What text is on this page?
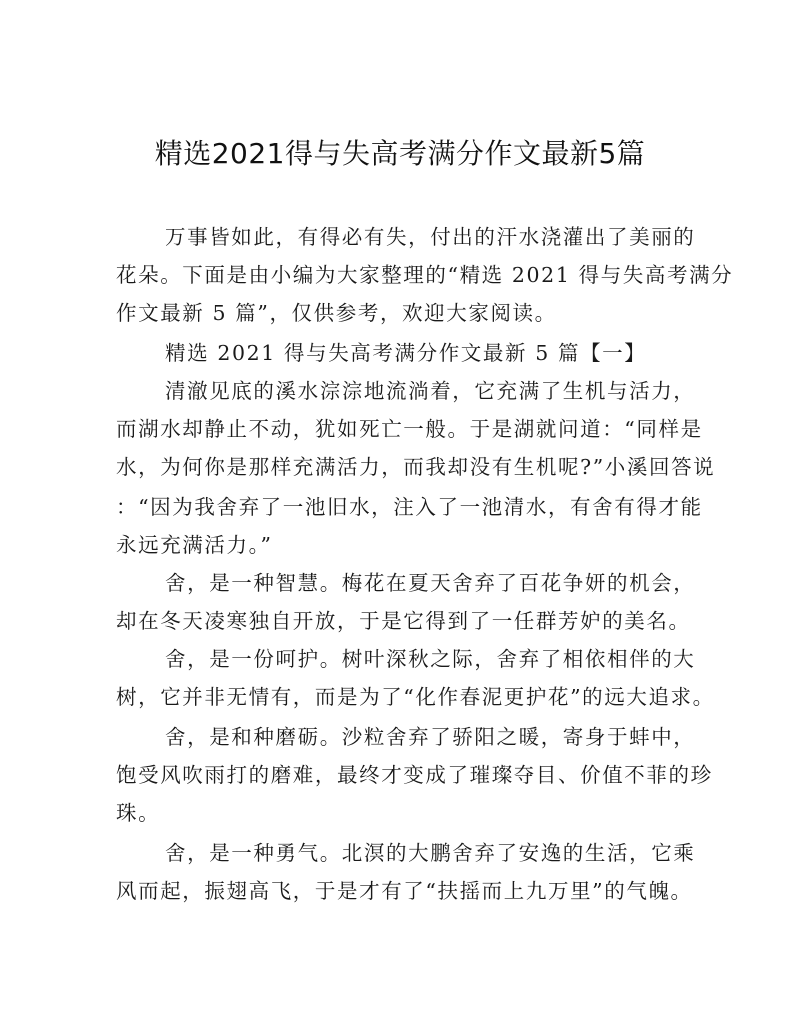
精选2021得与失高考满分作文最新5篇
万事皆如此，有得必有失，付出的汗水浇灌出了美丽的
花朵。下面是由小编为大家整理的“精选 2021 得与失高考满分
作文最新 5 篇”，仅供参考，欢迎大家阅读。
精选 2021 得与失高考满分作文最新 5 篇【一】
清澈见底的溪水淙淙地流淌着，它充满了生机与活力，
而湖水却静止不动，犹如死亡一般。于是湖就问道：“同样是
水，为何你是那样充满活力，而我却没有生机呢?”小溪回答说
：“因为我舍弃了一池旧水，注入了一池清水，有舍有得才能
永远充满活力。”
舍，是一种智慧。梅花在夏天舍弃了百花争妍的机会，
却在冬天凌寒独自开放，于是它得到了一任群芳妒的美名。
舍，是一份呵护。树叶深秋之际，舍弃了相依相伴的大
树，它并非无情有，而是为了“化作春泥更护花”的远大追求。
舍，是和种磨砺。沙粒舍弃了骄阳之暖，寄身于蚌中，
饱受风吹雨打的磨难，最终才变成了璀璨夺目、价值不菲的珍
珠。
舍，是一种勇气。北溟的大鹏舍弃了安逸的生活，它乘
风而起，振翅高飞，于是才有了“扶摇而上九万里”的气魄。
